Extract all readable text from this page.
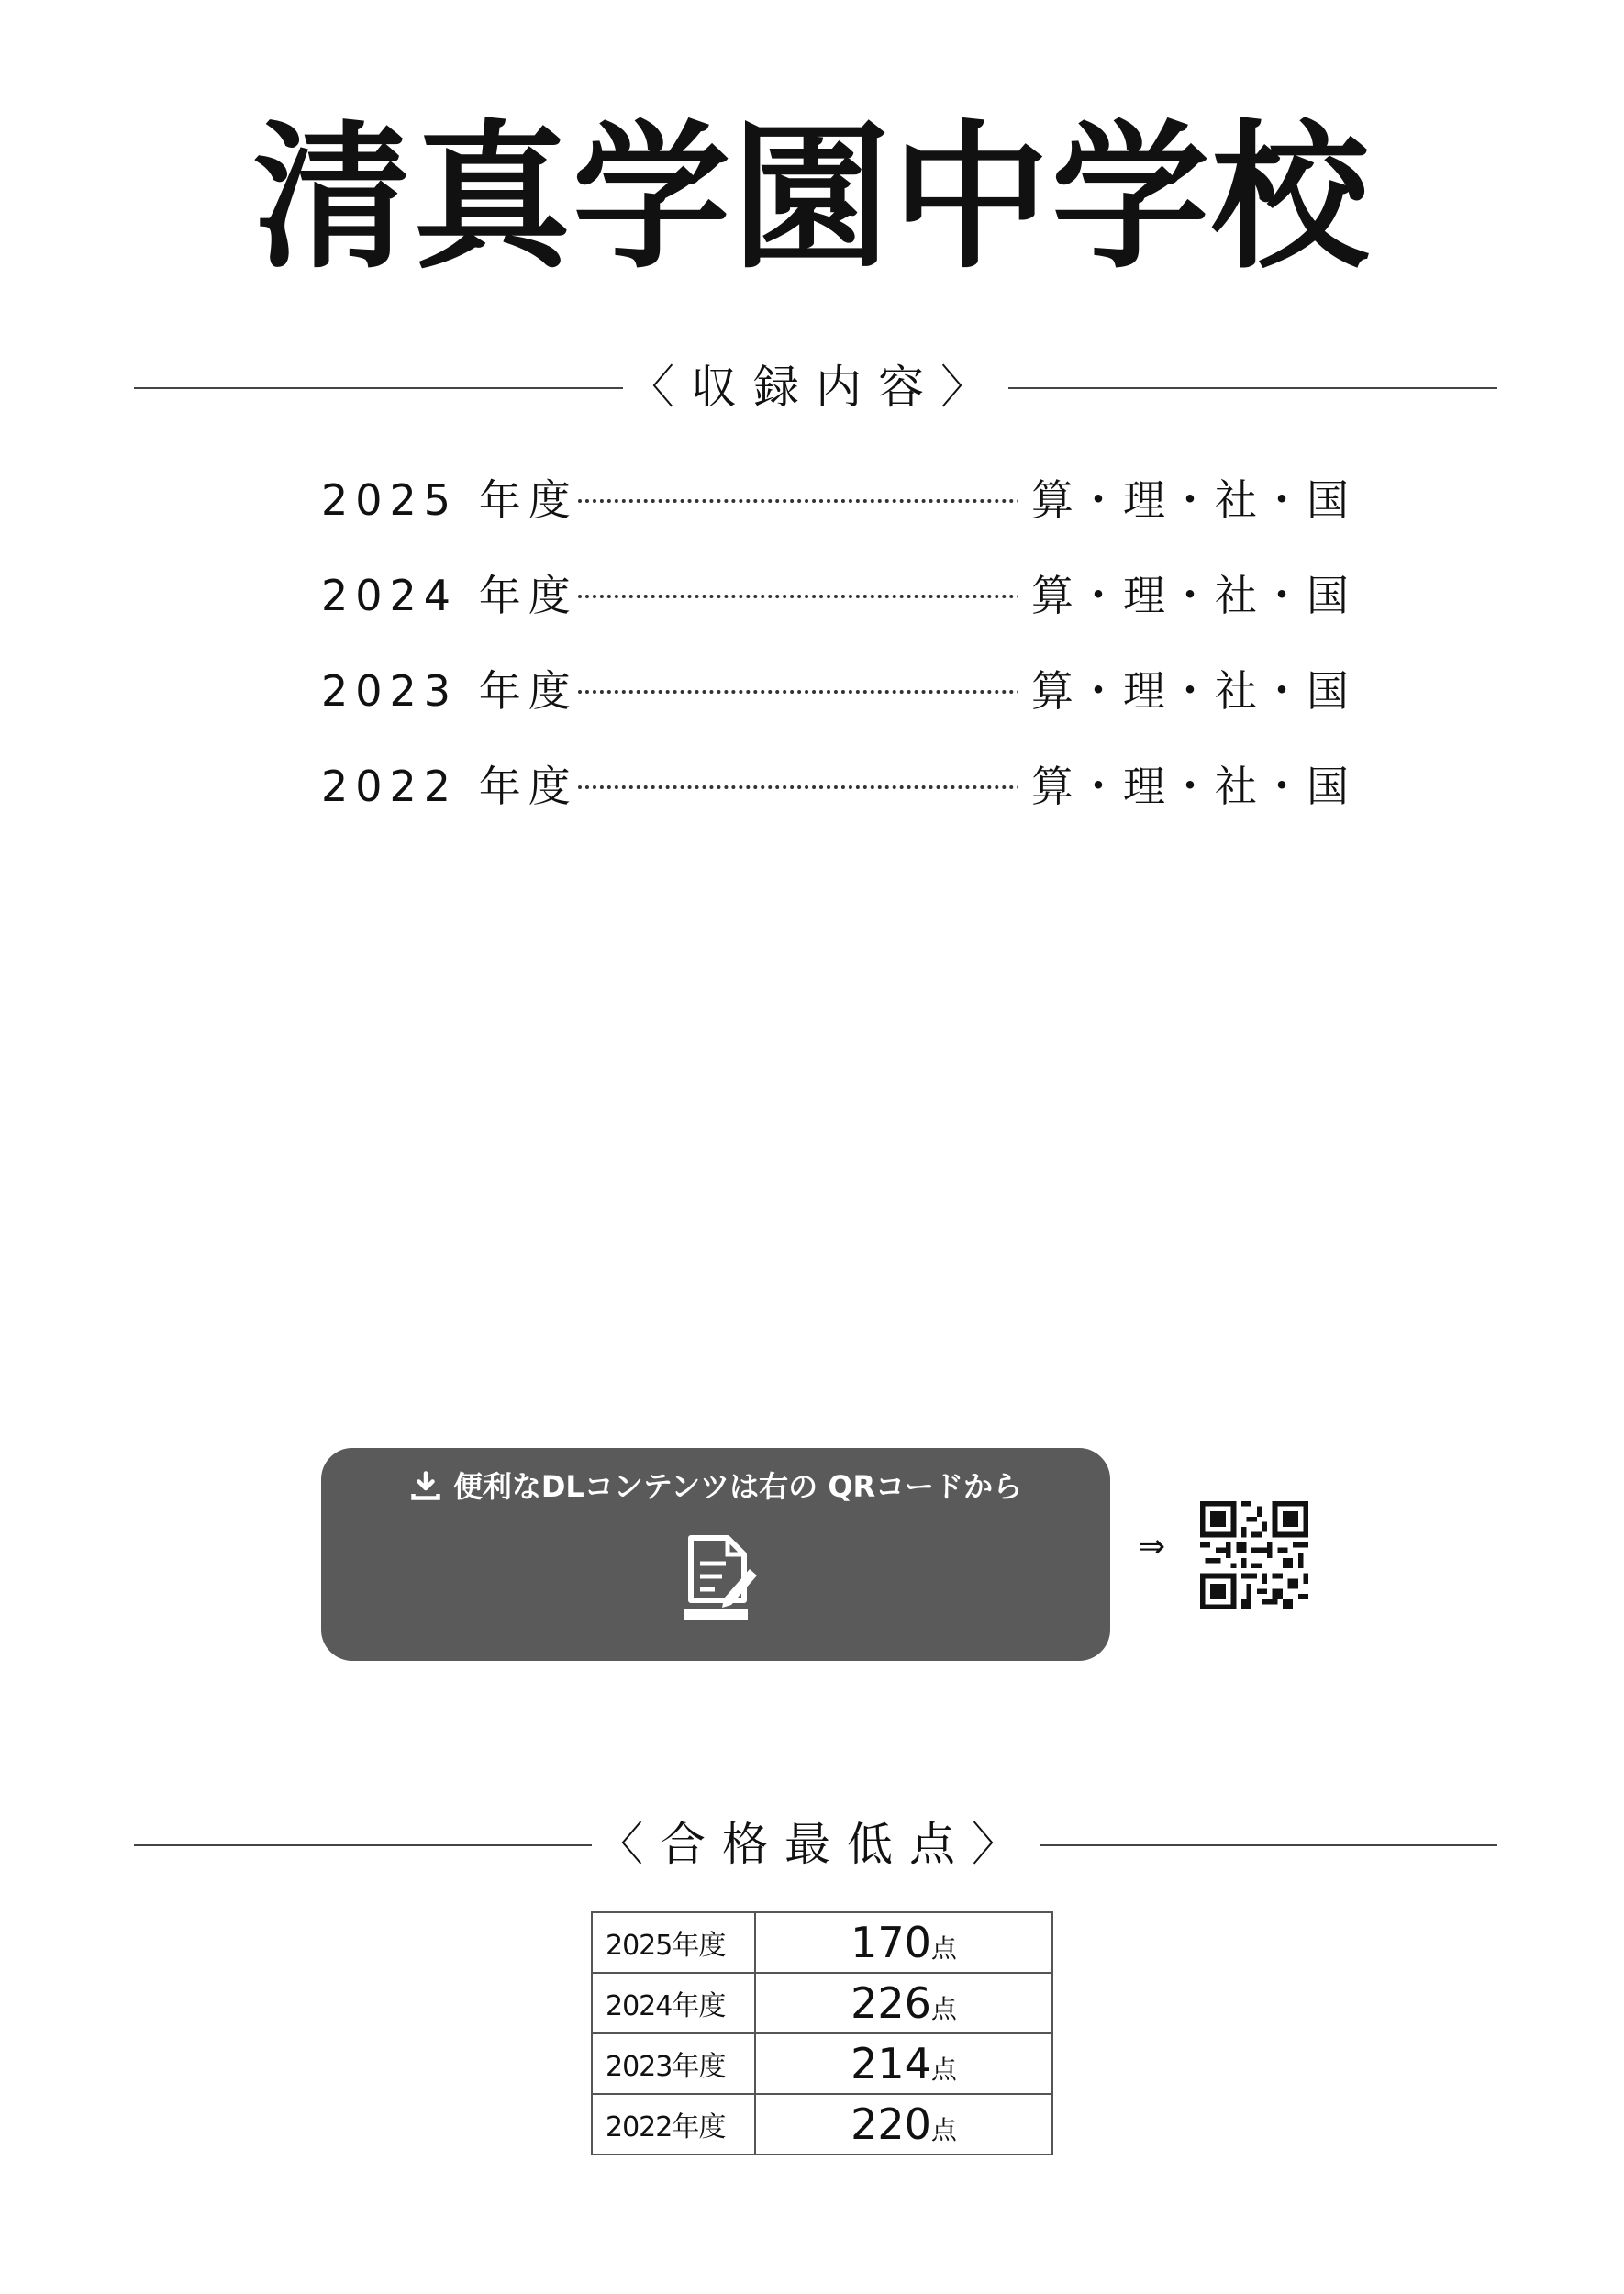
清真学園中学校
〈収録内容〉
2025 年度	算・理・社・国
2024 年度	算・理・社・国
2023 年度	算・理・社・国
2022 年度	算・理・社・国
便利なDLコンテンツは右の QRコードから
⇒
〈合格最低点〉
2025年度	170点
2024年度	226点
2023年度	214点
2022年度	220点
